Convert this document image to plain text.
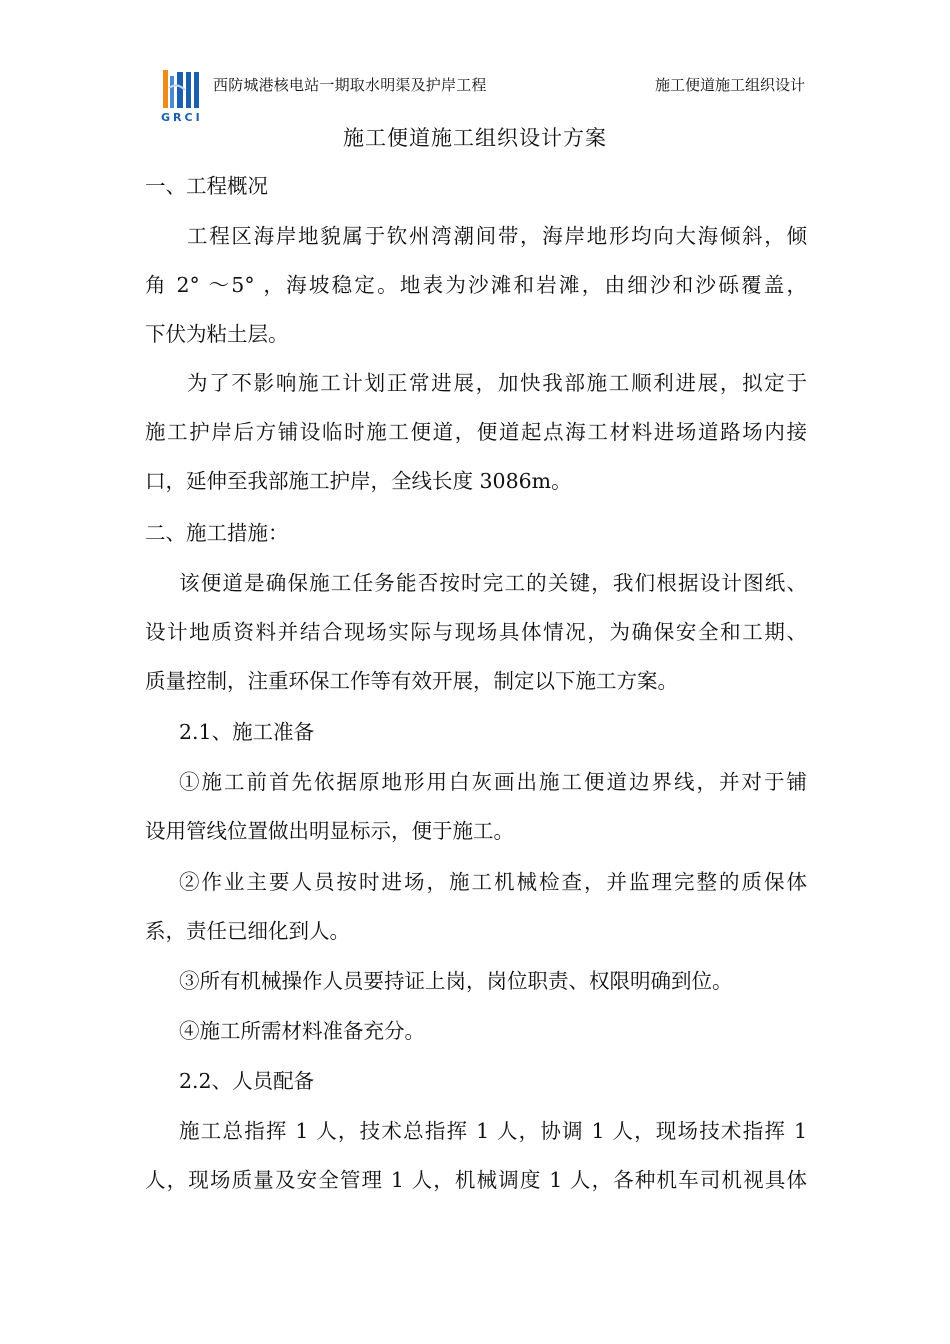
GRCI
西防城港核电站一期取水明渠及护岸工程	施工便道施工组织设计
施工便道施工组织设计方案
一、工程概况
工程区海岸地貌属于钦州湾潮间带，海岸地形均向大海倾斜，倾
角 2° ～5° ，海坡稳定。地表为沙滩和岩滩，由细沙和沙砾覆盖，
下伏为粘土层。
为了不影响施工计划正常进展，加快我部施工顺利进展，拟定于
施工护岸后方铺设临时施工便道，便道起点海工材料进场道路场内接
口，延伸至我部施工护岸，全线长度 3086m。
二、施工措施：
该便道是确保施工任务能否按时完工的关键，我们根据设计图纸、
设计地质资料并结合现场实际与现场具体情况，为确保安全和工期、
质量控制，注重环保工作等有效开展，制定以下施工方案。
2.1、施工准备
①施工前首先依据原地形用白灰画出施工便道边界线，并对于铺
设用管线位置做出明显标示，便于施工。
②作业主要人员按时进场，施工机械检查，并监理完整的质保体
系，责任已细化到人。
③所有机械操作人员要持证上岗，岗位职责、权限明确到位。
④施工所需材料准备充分。
2.2、人员配备
施工总指挥 1 人，技术总指挥 1 人，协调 1 人，现场技术指挥 1
人，现场质量及安全管理 1 人，机械调度 1 人，各种机车司机视具体
